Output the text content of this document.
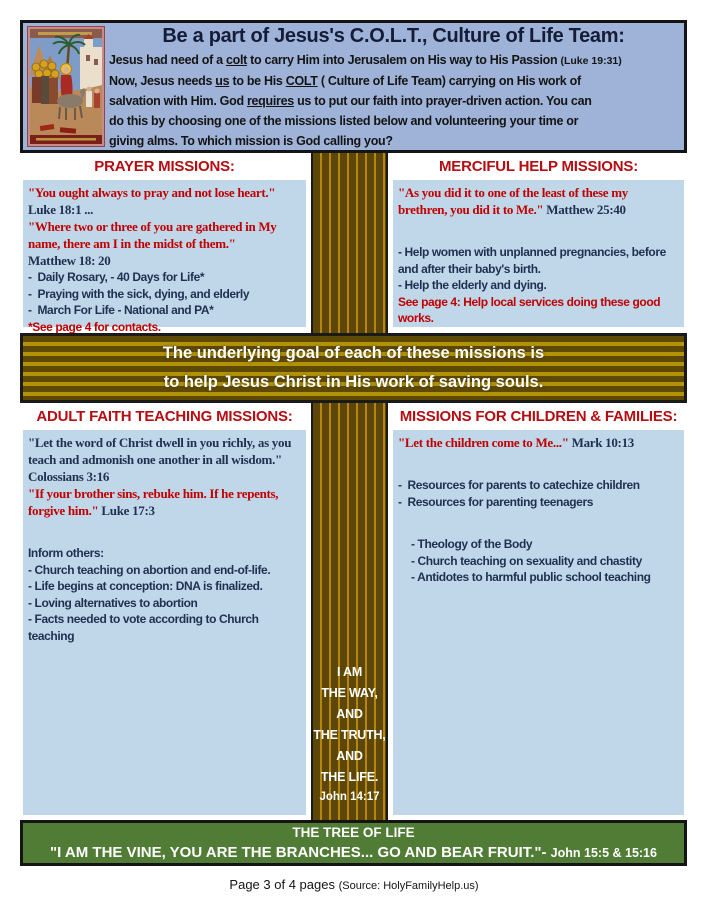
Be a part of Jesus's C.O.L.T., Culture of Life Team:
Jesus had need of a colt to carry Him into Jerusalem on His way to His Passion (Luke 19:31)
Now, Jesus needs us to be His COLT ( Culture of Life Team) carrying on His work of
salvation with Him. God requires us to put our faith into prayer-driven action. You can
do this by choosing one of the missions listed below and volunteering your time or
giving alms. To which mission is God calling you?
I AM
THE WAY,
AND
THE TRUTH,
AND
THE LIFE.
John 14:17
PRAYER MISSIONS:	MERCIFUL HELP MISSIONS:
"You ought always to pray and not lose heart."
Luke 18:1 ...
"Where two or three of you are gathered in My name, there am I in the midst of them."
Matthew 18: 20
-  Daily Rosary, - 40 Days for Life*
-  Praying with the sick, dying, and elderly
-  March For Life - National and PA*
*See page 4 for contacts.
"As you did it to one of the least of these my brethren, you did it to Me." Matthew 25:40
- Help women with unplanned pregnancies, before and after their baby's birth.
- Help the elderly and dying.
See page 4: Help local services doing these good works.
The underlying goal of each of these missions is
to help Jesus Christ in His work of saving souls.
ADULT FAITH TEACHING MISSIONS:	MISSIONS FOR CHILDREN & FAMILIES:
"Let the word of Christ dwell in you richly, as you teach and admonish one another in all wisdom."
Colossians 3:16
"If your brother sins, rebuke him. If he repents, forgive him." Luke 17:3
Inform others:
- Church teaching on abortion and end-of-life.
- Life begins at conception: DNA is finalized.
- Loving alternatives to abortion
- Facts needed to vote according to Church teaching
"Let the children come to Me..." Mark 10:13
-  Resources for parents to catechize children
-  Resources for parenting teenagers
- Theology of the Body
- Church teaching on sexuality and chastity
- Antidotes to harmful public school teaching
THE TREE OF LIFE
"I AM THE VINE, YOU ARE THE BRANCHES... GO AND BEAR FRUIT."- John 15:5 & 15:16
Page 3 of 4 pages (Source: HolyFamilyHelp.us)
